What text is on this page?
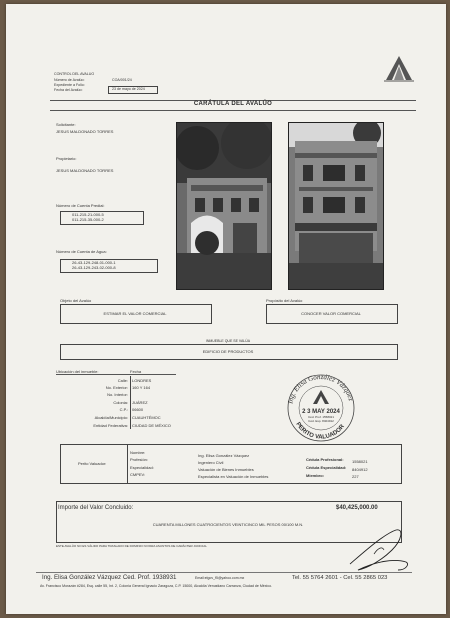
CONTROL DEL AVALUO
Número de Avalúo:	COA/001/24
Expediente a Folio:
Fecha del Avalúo:	23 de mayo de 2024
CARÁTULA DEL AVALÚO
Solicitante:
JESUS MALDONADO TORRES
Propietario:
JESUS MALDONADO TORRES
Número de Cuenta Predial:
011-215-21-000-5
011-215-35-000-2
Número de Cuenta de Agua:
26-43-129-248-01-000-1
26-43-129-243-02-000-8
Objeto del Avalúo
ESTIMAR EL VALOR COMERCIAL
Propósito del Avalúo
CONOCER VALOR COMERCIAL
INMUEBLE QUE SE VALÚA
EDIFICIO DE PRODUCTOS
Ubicación del inmueble:	Fecha
Calle: LONDRES
No. Exterior: 160 Y 164
No. Interior:
Colonia: JUÁREZ
C.P.: 06600
Alcaldía/Municipio: CUAUHTÉMOC
Entidad Federativa: CIUDAD DE MÉXICO
Ing. Elisa González Vázquez
PERITO VALUADOR
2 3 MAY 2024
Céd. Prof. 1558021
Céd. Esp. 8404912
Perito Valuador:
Nombre:
Ing. Elisa González Vázquez
Profesión:
Ingeniero Civil
Especialidad:	Valuación de Bienes Inmuebles
CMPEV:	Especialista en Valuación de Inmuebles
Cédula Profesional: 1558021
Cédula Especialidad: 8404912
Miembro:	227
Importe del Valor Concluido:	$40,425,000.00
CUARENTA MILLONES CUATROCIENTOS VEINTICINCO MIL PESOS 00/100 M.N.
ESTE AVALÚO NO ES VÁLIDO PARA TRASLADO DE DOMINIO NI PARA ASUNTOS DE CARÁCTER JUDICIAL
Ing. Elisa González Vázquez Ced. Prof. 1938931	Email:elgov_f5@yahoo.com.mx	Tel. 55 5764 2601 - Cel. 55 2865 023
Av. Francisco Morazán #284, Esq. calle 55, Int. 2, Colonia General Ignacio Zaragoza, C.P. 15000, Alcaldía Venustiano Carranza, Ciudad de México.
